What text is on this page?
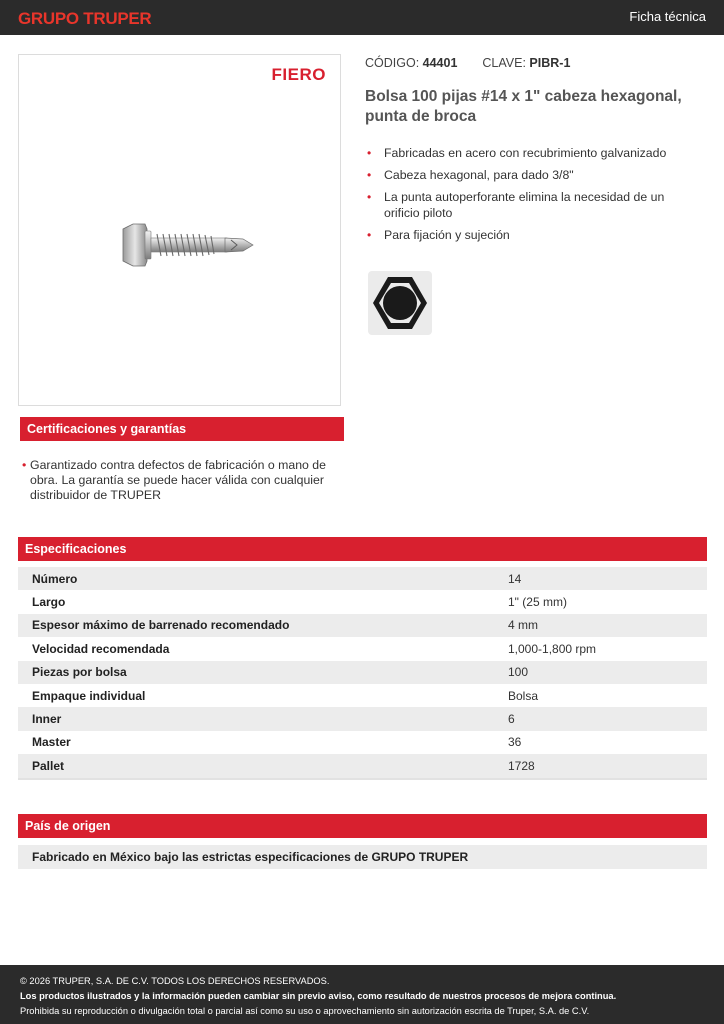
GRUPO TRUPER	Ficha técnica
FIERO
CÓDIGO: 44401 CLAVE: PIBR-1
Bolsa 100 pijas #14 x 1" cabeza hexagonal, punta de broca
• Fabricadas en acero con recubrimiento galvanizado
• Cabeza hexagonal, para dado 3/8"
• La punta autoperforante elimina la necesidad de un orificio piloto
• Para fijación y sujeción
Certificaciones y garantías
• Garantizado contra defectos de fabricación o mano de obra. La garantía se puede hacer válida con cualquier distribuidor de TRUPER
Especificaciones
Número	14
Largo	1" (25 mm)
Espesor máximo de barrenado recomendado	4 mm
Velocidad recomendada	1,000-1,800 rpm
Piezas por bolsa	100
Empaque individual	Bolsa
Inner	6
Master	36
Pallet	1728
País de origen
Fabricado en México bajo las estrictas especificaciones de GRUPO TRUPER
© 2026 TRUPER, S.A. DE C.V. TODOS LOS DERECHOS RESERVADOS.
Los productos ilustrados y la información pueden cambiar sin previo aviso, como resultado de nuestros procesos de mejora continua.
Prohibida su reproducción o divulgación total o parcial así como su uso o aprovechamiento sin autorización escrita de Truper, S.A. de C.V.
